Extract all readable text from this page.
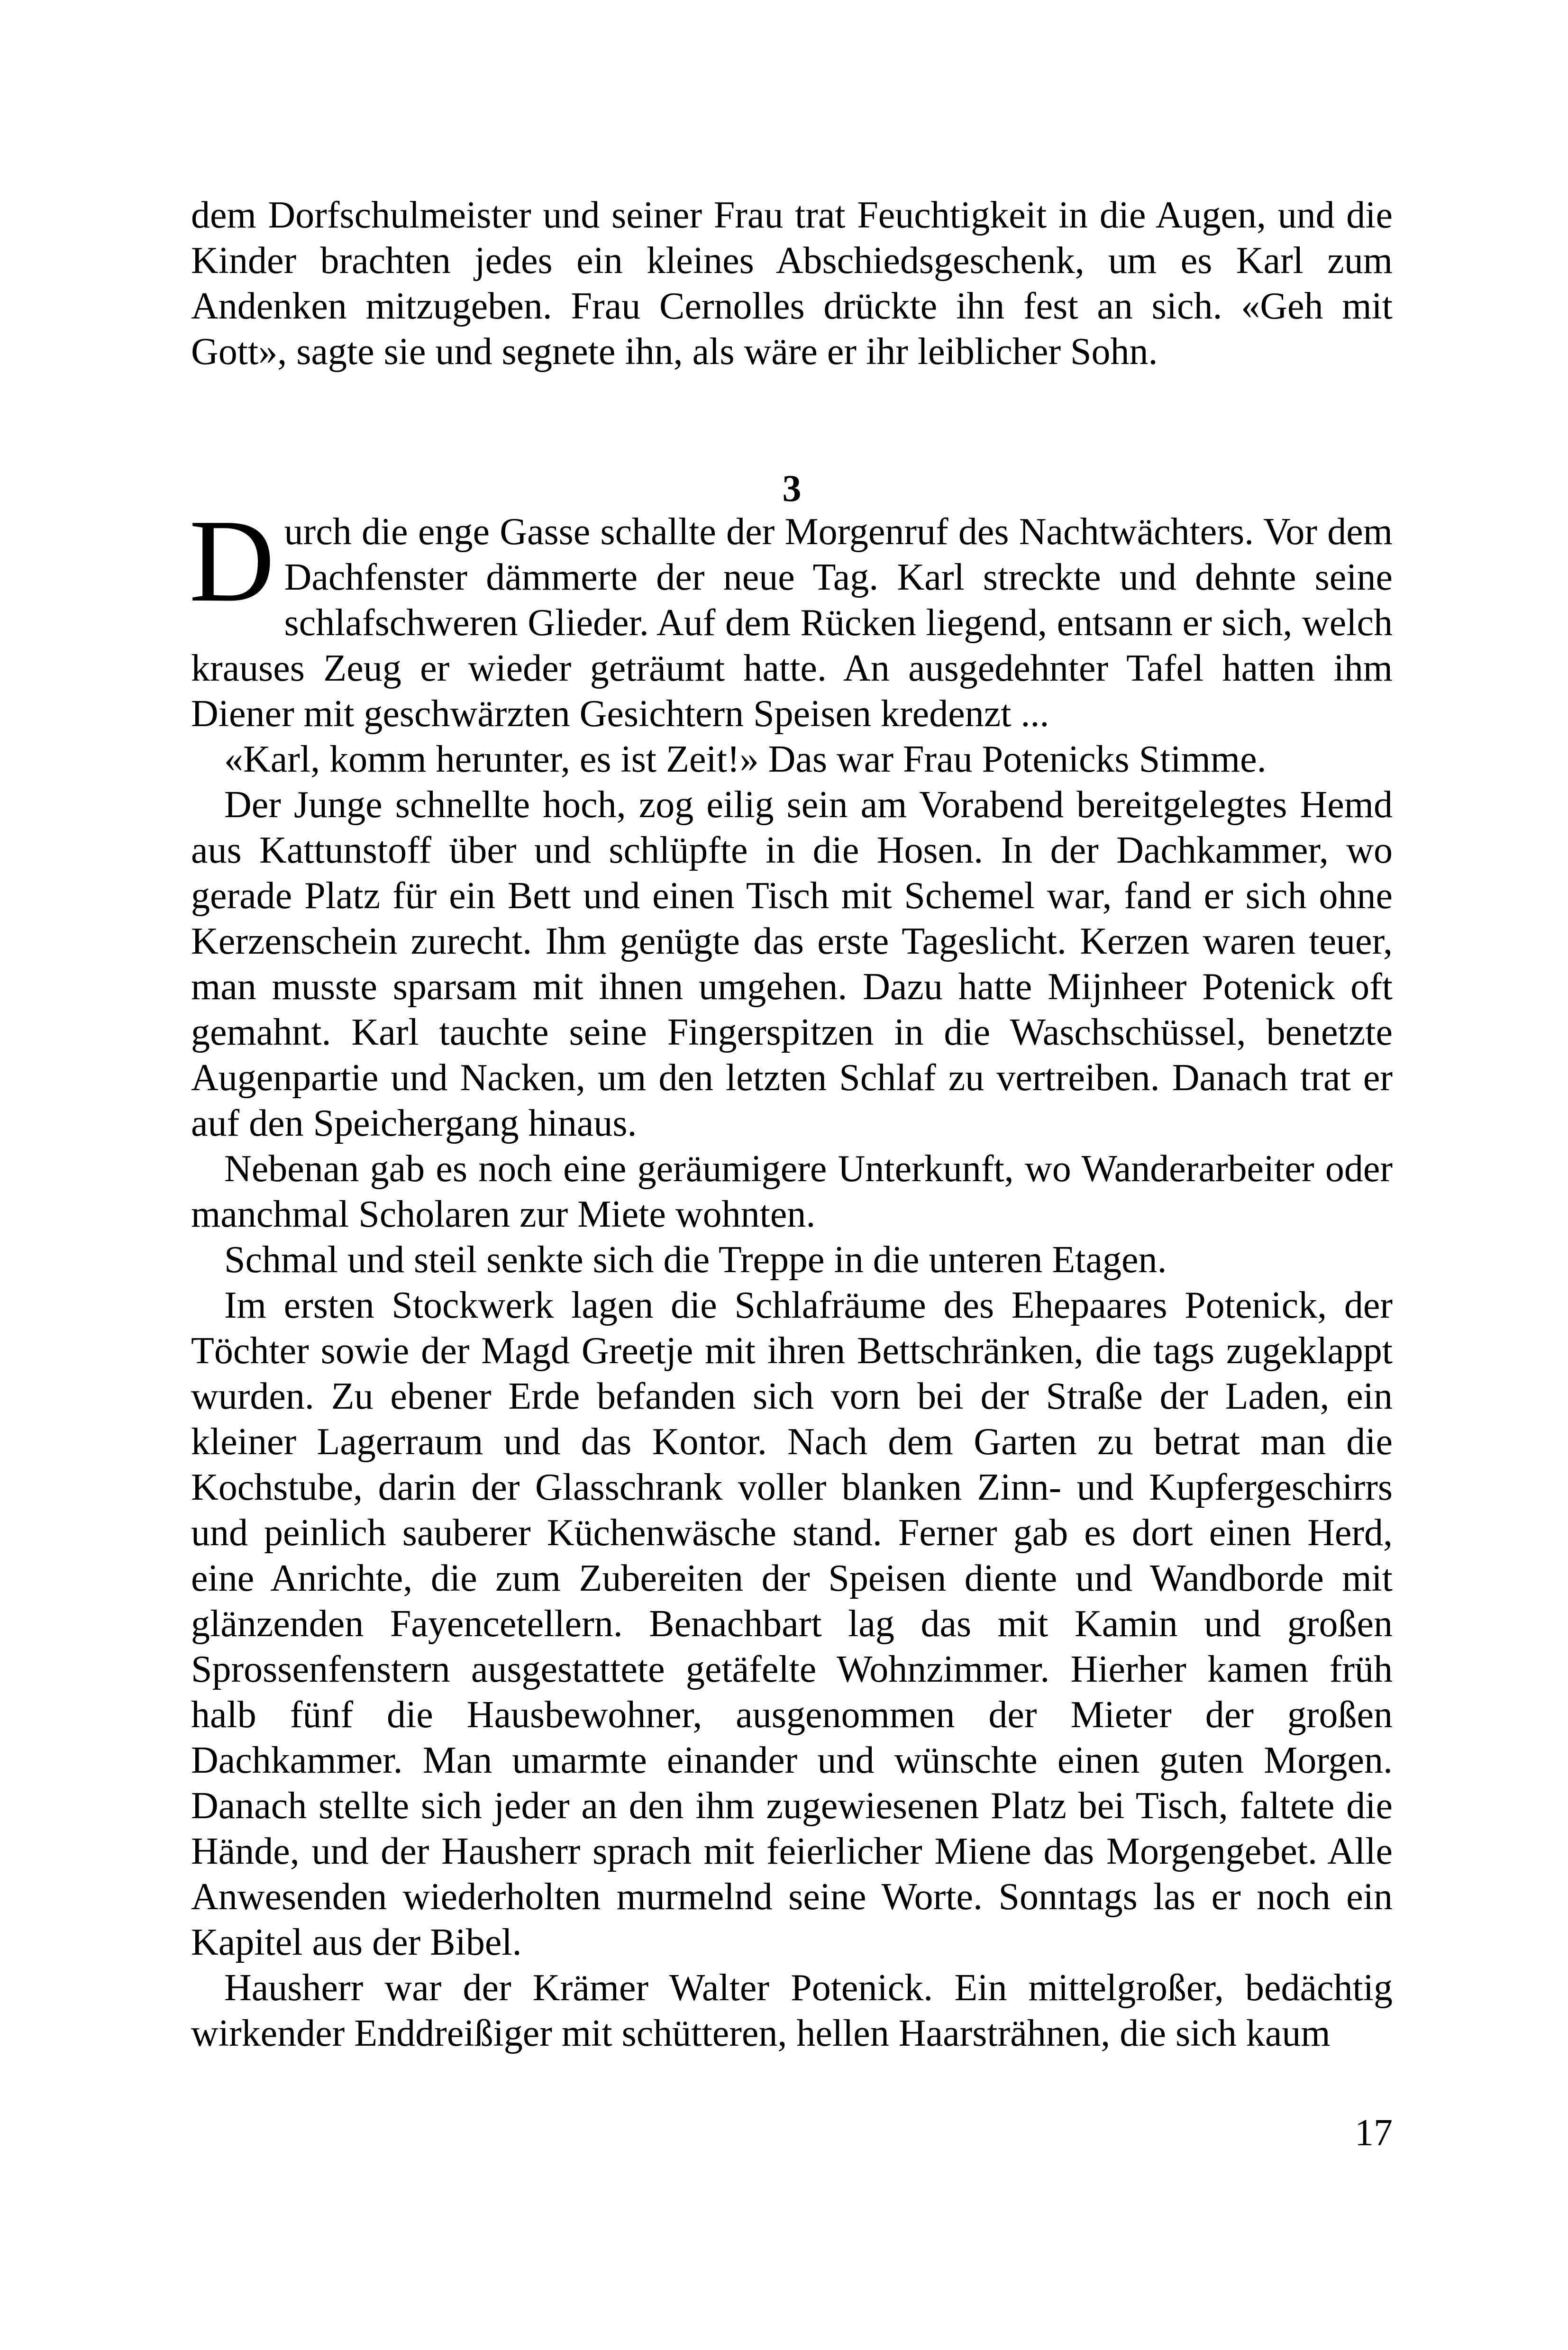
dem Dorfschulmeister und seiner Frau trat Feuchtigkeit in die Augen, und die Kinder brachten jedes ein kleines Abschiedsgeschenk, um es Karl zum Andenken mitzugeben. Frau Cernolles drückte ihn fest an sich. «Geh mit Gott», sagte sie und segnete ihn, als wäre er ihr leiblicher Sohn.

3

Durch die enge Gasse schallte der Morgenruf des Nachtwächters. Vor dem Dachfenster dämmerte der neue Tag. Karl streckte und dehnte seine schlafschweren Glieder. Auf dem Rücken liegend, entsann er sich, welch krauses Zeug er wieder geträumt hatte. An ausgedehnter Tafel hatten ihm Diener mit geschwärzten Gesichtern Speisen kredenzt ...

«Karl, komm herunter, es ist Zeit!» Das war Frau Potenicks Stimme.

Der Junge schnellte hoch, zog eilig sein am Vorabend bereitgelegtes Hemd aus Kattunstoff über und schlüpfte in die Hosen. In der Dachkammer, wo gerade Platz für ein Bett und einen Tisch mit Schemel war, fand er sich ohne Kerzenschein zurecht. Ihm genügte das erste Tageslicht. Kerzen waren teuer, man musste sparsam mit ihnen umgehen. Dazu hatte Mijnheer Potenick oft gemahnt. Karl tauchte seine Fingerspitzen in die Waschschüssel, benetzte Augenpartie und Nacken, um den letzten Schlaf zu vertreiben. Danach trat er auf den Speichergang hinaus.

Nebenan gab es noch eine geräumigere Unterkunft, wo Wanderarbeiter oder manchmal Scholaren zur Miete wohnten.

Schmal und steil senkte sich die Treppe in die unteren Etagen.

Im ersten Stockwerk lagen die Schlafräume des Ehepaares Potenick, der Töchter sowie der Magd Greetje mit ihren Bettschränken, die tags zugeklappt wurden. Zu ebener Erde befanden sich vorn bei der Straße der Laden, ein kleiner Lagerraum und das Kontor. Nach dem Garten zu betrat man die Kochstube, darin der Glasschrank voller blanken Zinn- und Kupfergeschirrs und peinlich sauberer Küchenwäsche stand. Ferner gab es dort einen Herd, eine Anrichte, die zum Zubereiten der Speisen diente und Wandborde mit glänzenden Fayencetellern. Benachbart lag das mit Kamin und großen Sprossenfenstern ausgestattete getäfelte Wohnzimmer. Hierher kamen früh halb fünf die Hausbewohner, ausgenommen der Mieter der großen Dachkammer. Man umarmte einander und wünschte einen guten Morgen. Danach stellte sich jeder an den ihm zugewiesenen Platz bei Tisch, faltete die Hände, und der Hausherr sprach mit feierlicher Miene das Morgengebet. Alle Anwesenden wiederholten murmelnd seine Worte. Sonntags las er noch ein Kapitel aus der Bibel.

Hausherr war der Krämer Walter Potenick. Ein mittelgroßer, bedächtig wirkender Enddreißiger mit schütteren, hellen Haarsträhnen, die sich kaum

17
